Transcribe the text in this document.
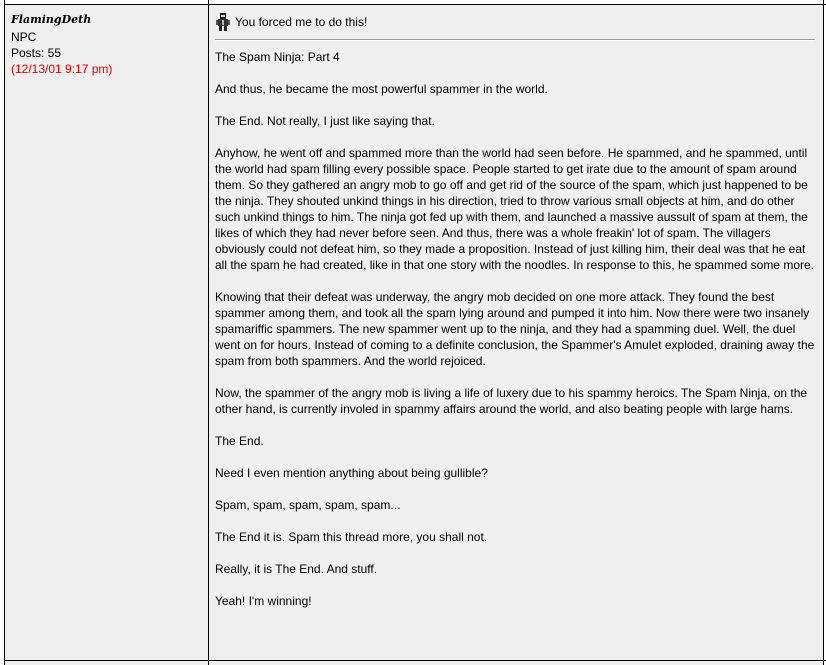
FlamingDeth
NPC
Posts: 55
(12/13/01 9:17 pm)
You forced me to do this!

The Spam Ninja: Part 4

And thus, he became the most powerful spammer in the world.

The End. Not really, I just like saying that.

Anyhow, he went off and spammed more than the world had seen before. He spammed, and he spammed, until the world had spam filling every possible space. People started to get irate due to the amount of spam around them. So they gathered an angry mob to go off and get rid of the source of the spam, which just happened to be the ninja. They shouted unkind things in his direction, tried to throw various small objects at him, and do other such unkind things to him. The ninja got fed up with them, and launched a massive aussult of spam at them, the likes of which they had never before seen. And thus, there was a whole freakin' lot of spam. The villagers obviously could not defeat him, so they made a proposition. Instead of just killing him, their deal was that he eat all the spam he had created, like in that one story with the noodles. In response to this, he spammed some more.

Knowing that their defeat was underway, the angry mob decided on one more attack. They found the best spammer among them, and took all the spam lying around and pumped it into him. Now there were two insanely spamariffic spammers. The new spammer went up to the ninja, and they had a spamming duel. Well, the duel went on for hours. Instead of coming to a definite conclusion, the Spammer's Amulet exploded, draining away the spam from both spammers. And the world rejoiced.

Now, the spammer of the angry mob is living a life of luxery due to his spammy heroics. The Spam Ninja, on the other hand, is currently involed in spammy affairs around the world, and also beating people with large hams.

The End.

Need I even mention anything about being gullible?

Spam, spam, spam, spam, spam...

The End it is. Spam this thread more, you shall not.

Really, it is The End. And stuff.

Yeah! I'm winning!
